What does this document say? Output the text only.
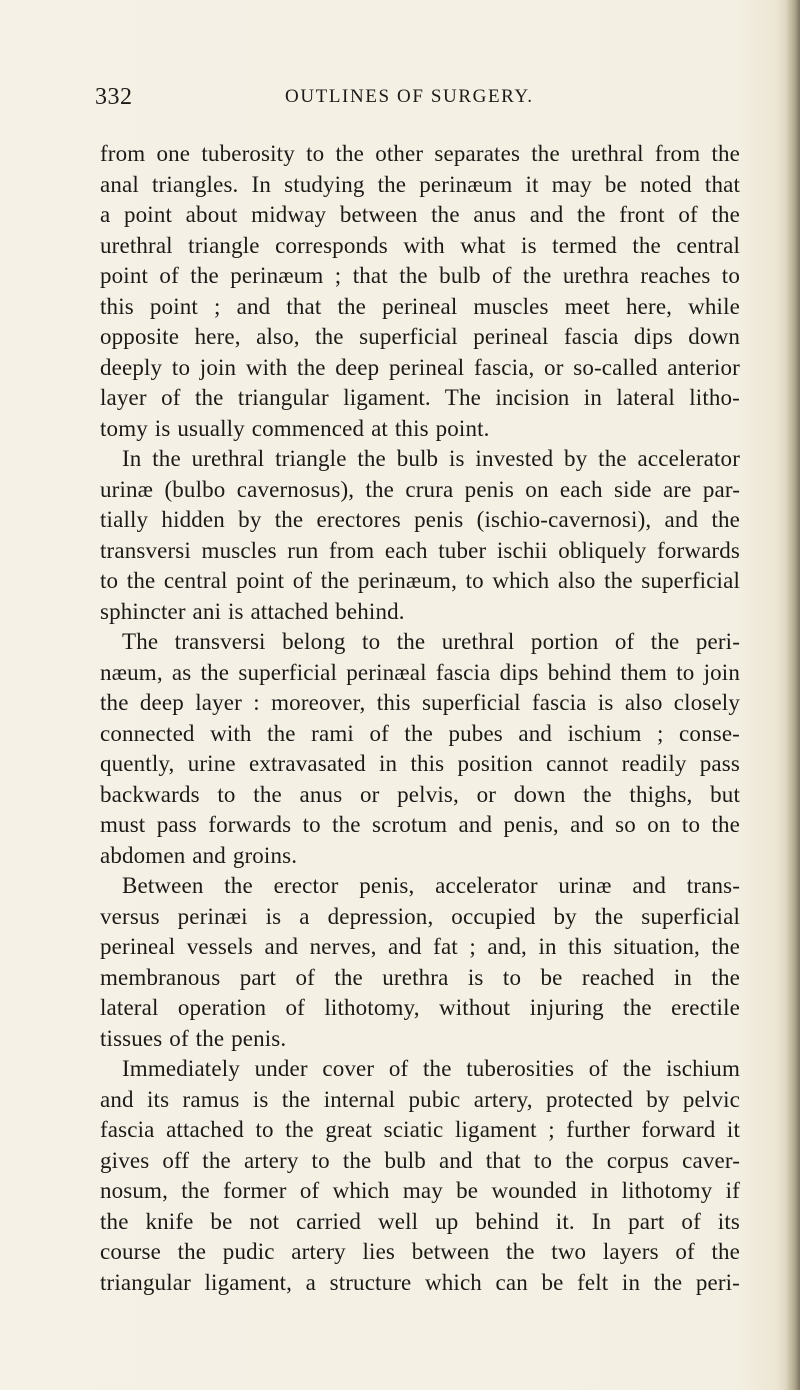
332	OUTLINES OF SURGERY.
from one tuberosity to the other separates the urethral from the
anal triangles. In studying the perinæum it may be noted that
a point about midway between the anus and the front of the
urethral triangle corresponds with what is termed the central
point of the perinæum ; that the bulb of the urethra reaches to
this point ; and that the perineal muscles meet here, while
opposite here, also, the superficial perineal fascia dips down
deeply to join with the deep perineal fascia, or so-called anterior
layer of the triangular ligament. The incision in lateral litho-
tomy is usually commenced at this point.
In the urethral triangle the bulb is invested by the accelerator
urinæ (bulbo cavernosus), the crura penis on each side are par-
tially hidden by the erectores penis (ischio-cavernosi), and the
transversi muscles run from each tuber ischii obliquely forwards
to the central point of the perinæum, to which also the superficial
sphincter ani is attached behind.
The transversi belong to the urethral portion of the peri-
næum, as the superficial perinæal fascia dips behind them to join
the deep layer : moreover, this superficial fascia is also closely
connected with the rami of the pubes and ischium ; conse-
quently, urine extravasated in this position cannot readily pass
backwards to the anus or pelvis, or down the thighs, but
must pass forwards to the scrotum and penis, and so on to the
abdomen and groins.
Between the erector penis, accelerator urinæ and trans-
versus perinæi is a depression, occupied by the superficial
perineal vessels and nerves, and fat ; and, in this situation, the
membranous part of the urethra is to be reached in the
lateral operation of lithotomy, without injuring the erectile
tissues of the penis.
Immediately under cover of the tuberosities of the ischium
and its ramus is the internal pubic artery, protected by pelvic
fascia attached to the great sciatic ligament ; further forward it
gives off the artery to the bulb and that to the corpus caver-
nosum, the former of which may be wounded in lithotomy if
the knife be not carried well up behind it. In part of its
course the pudic artery lies between the two layers of the
triangular ligament, a structure which can be felt in the peri-
